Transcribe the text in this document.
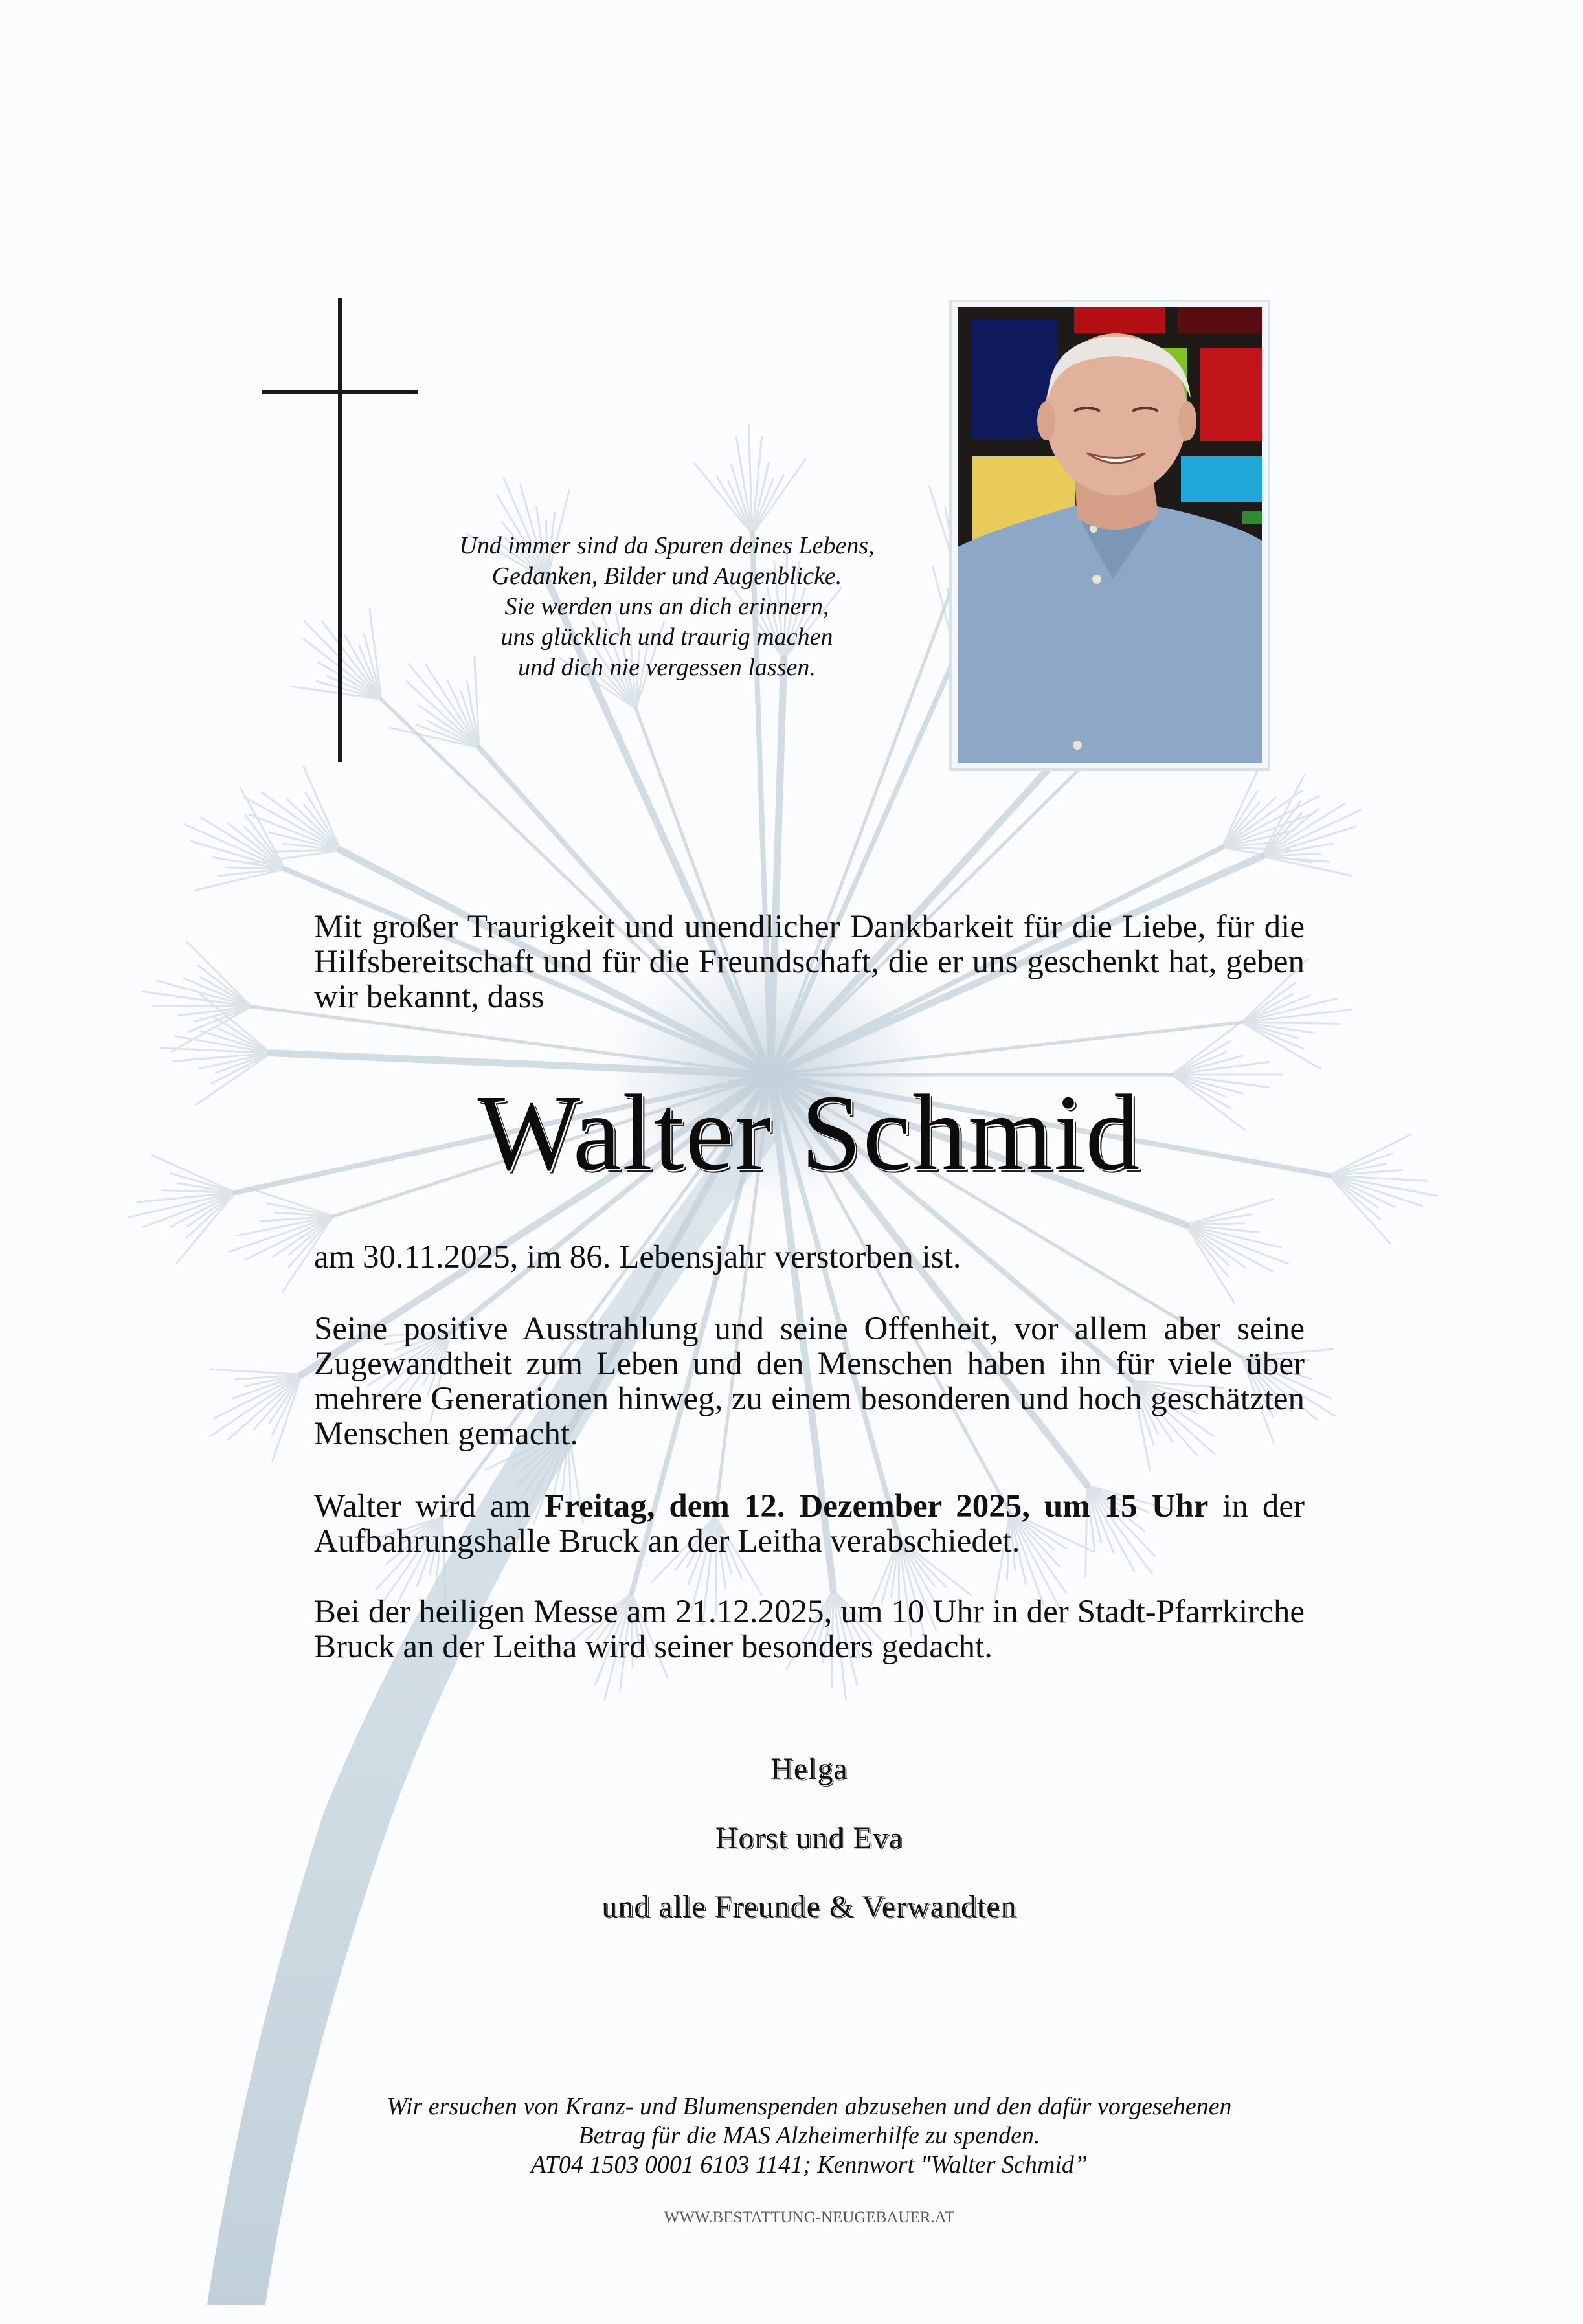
Und immer sind da Spuren deines Lebens,
Gedanken, Bilder und Augenblicke.
Sie werden uns an dich erinnern,
uns glücklich und traurig machen
und dich nie vergessen lassen.

Mit großer Traurigkeit und unendlicher Dankbarkeit für die Liebe, für die Hilfsbereitschaft und für die Freundschaft, die er uns geschenkt hat, geben wir bekannt, dass

Walter Schmid

am 30.11.2025, im 86. Lebensjahr verstorben ist.

Seine positive Ausstrahlung und seine Offenheit, vor allem aber seine Zugewandtheit zum Leben und den Menschen haben ihn für viele über mehrere Generationen hinweg, zu einem besonderen und hoch geschätzten Menschen gemacht.

Walter wird am Freitag, dem 12. Dezember 2025, um 15 Uhr in der Aufbahrungshalle Bruck an der Leitha verabschiedet.

Bei der heiligen Messe am 21.12.2025, um 10 Uhr in der Stadt-Pfarrkirche Bruck an der Leitha wird seiner besonders gedacht.

Helga
Horst und Eva
und alle Freunde & Verwandten
Wir ersuchen von Kranz- und Blumenspenden abzusehen und den dafür vorgesehenen
Betrag für die MAS Alzheimerhilfe zu spenden.
AT04 1503 0001 6103 1141; Kennwort "Walter Schmid”
WWW.BESTATTUNG-NEUGEBAUER.AT
